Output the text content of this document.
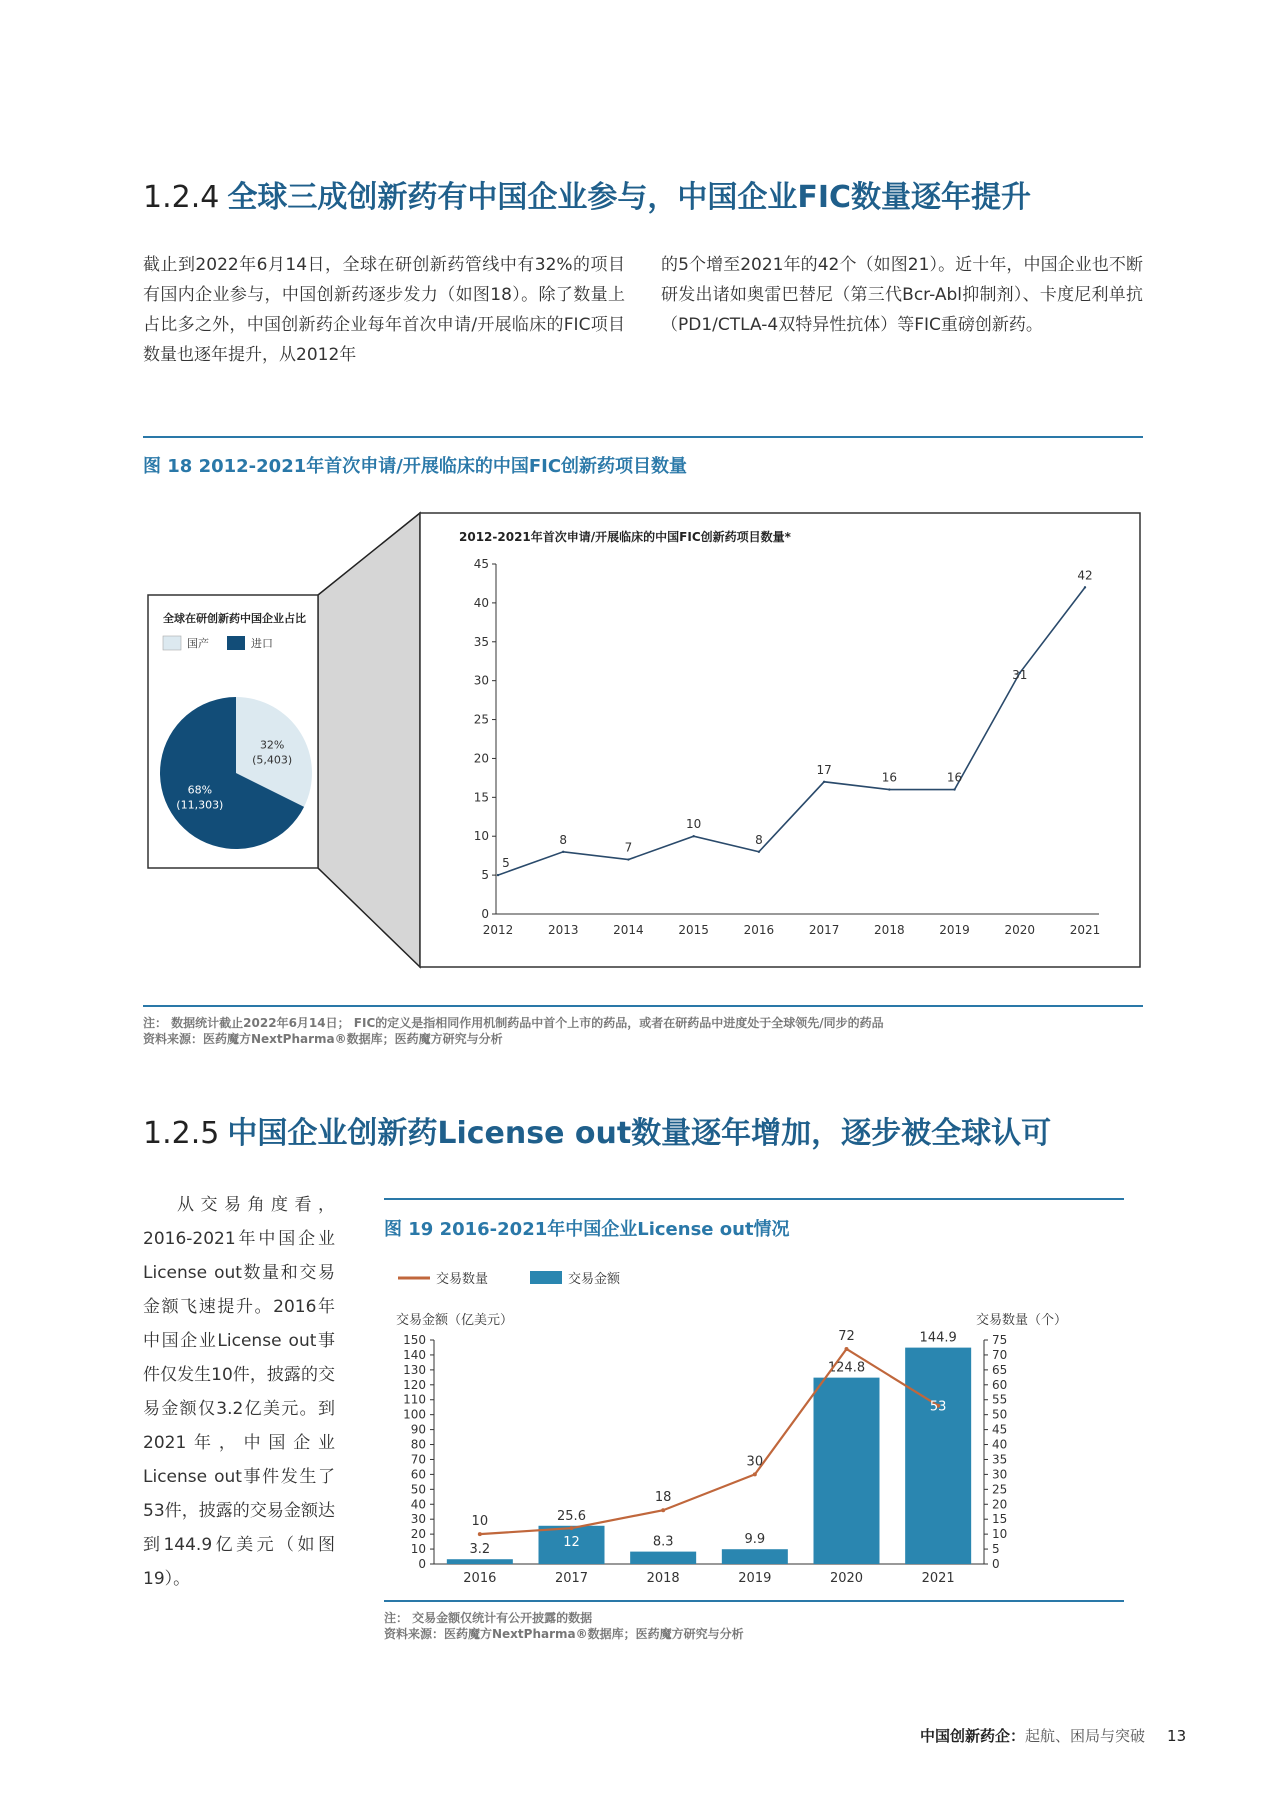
1.2.4 全球三成创新药有中国企业参与，中国企业FIC数量逐年提升

截止到2022年6月14日，全球在研创新药管线中有32%的项目有国内企业参与，中国创新药逐步发力（如图18）。除了数量上占比多之外，中国创新药企业每年首次申请/开展临床的FIC项目数量也逐年提升，从2012年

的5个增至2021年的42个（如图21）。近十年，中国企业也不断研发出诸如奥雷巴替尼（第三代Bcr-Abl抑制剂）、卡度尼利单抗（PD1/CTLA-4双特异性抗体）等FIC重磅创新药。

图 18 2012-2021年首次申请/开展临床的中国FIC创新药项目数量
全球在研创新药中国企业占比
国产	进口
32%
(5,403)
68%
(11,303)
2012-2021年首次申请/开展临床的中国FIC创新药项目数量*
0
5
10
15
20
25
30
35
40
45
2012	2013	2014	2015	2016	2017	2018	2019	2020	2021
5
8
7
10
8
17
16	16
31
42

注： 数据统计截止2022年6月14日； FIC的定义是指相同作用机制药品中首个上市的药品，或者在研药品中进度处于全球领先/同步的药品

资料来源：医药魔方NextPharma®数据库；医药魔方研究与分析

1.2.5 中国企业创新药License out数量逐年增加，逐步被全球认可

从交易角度看，2016-2021年中国企业License out数量和交易金额飞速提升。2016年中国企业License out事件仅发生10件，披露的交易金额仅3.2亿美元。到2021年，中国企业License out事件发生了53件，披露的交易金额达到144.9亿美元（如图19）。

图 19 2016-2021年中国企业License out情况
交易数量	交易金额
交易金额（亿美元）	交易数量（个）
0
10
20
30
40
50
60
70
80
90
100
110
120
130
140
150
0
5
10
15
20
25
30
35
40
45
50
55
60
65
70
75
2016	2017	2018	2019	2020	2021
3.2
25.6
8.3	9.9
124.8
144.9
10
12
18
30
72
53

注： 交易金额仅统计有公开披露的数据

资料来源：医药魔方NextPharma®数据库；医药魔方研究与分析

中国创新药企：起航、困局与突破 13
